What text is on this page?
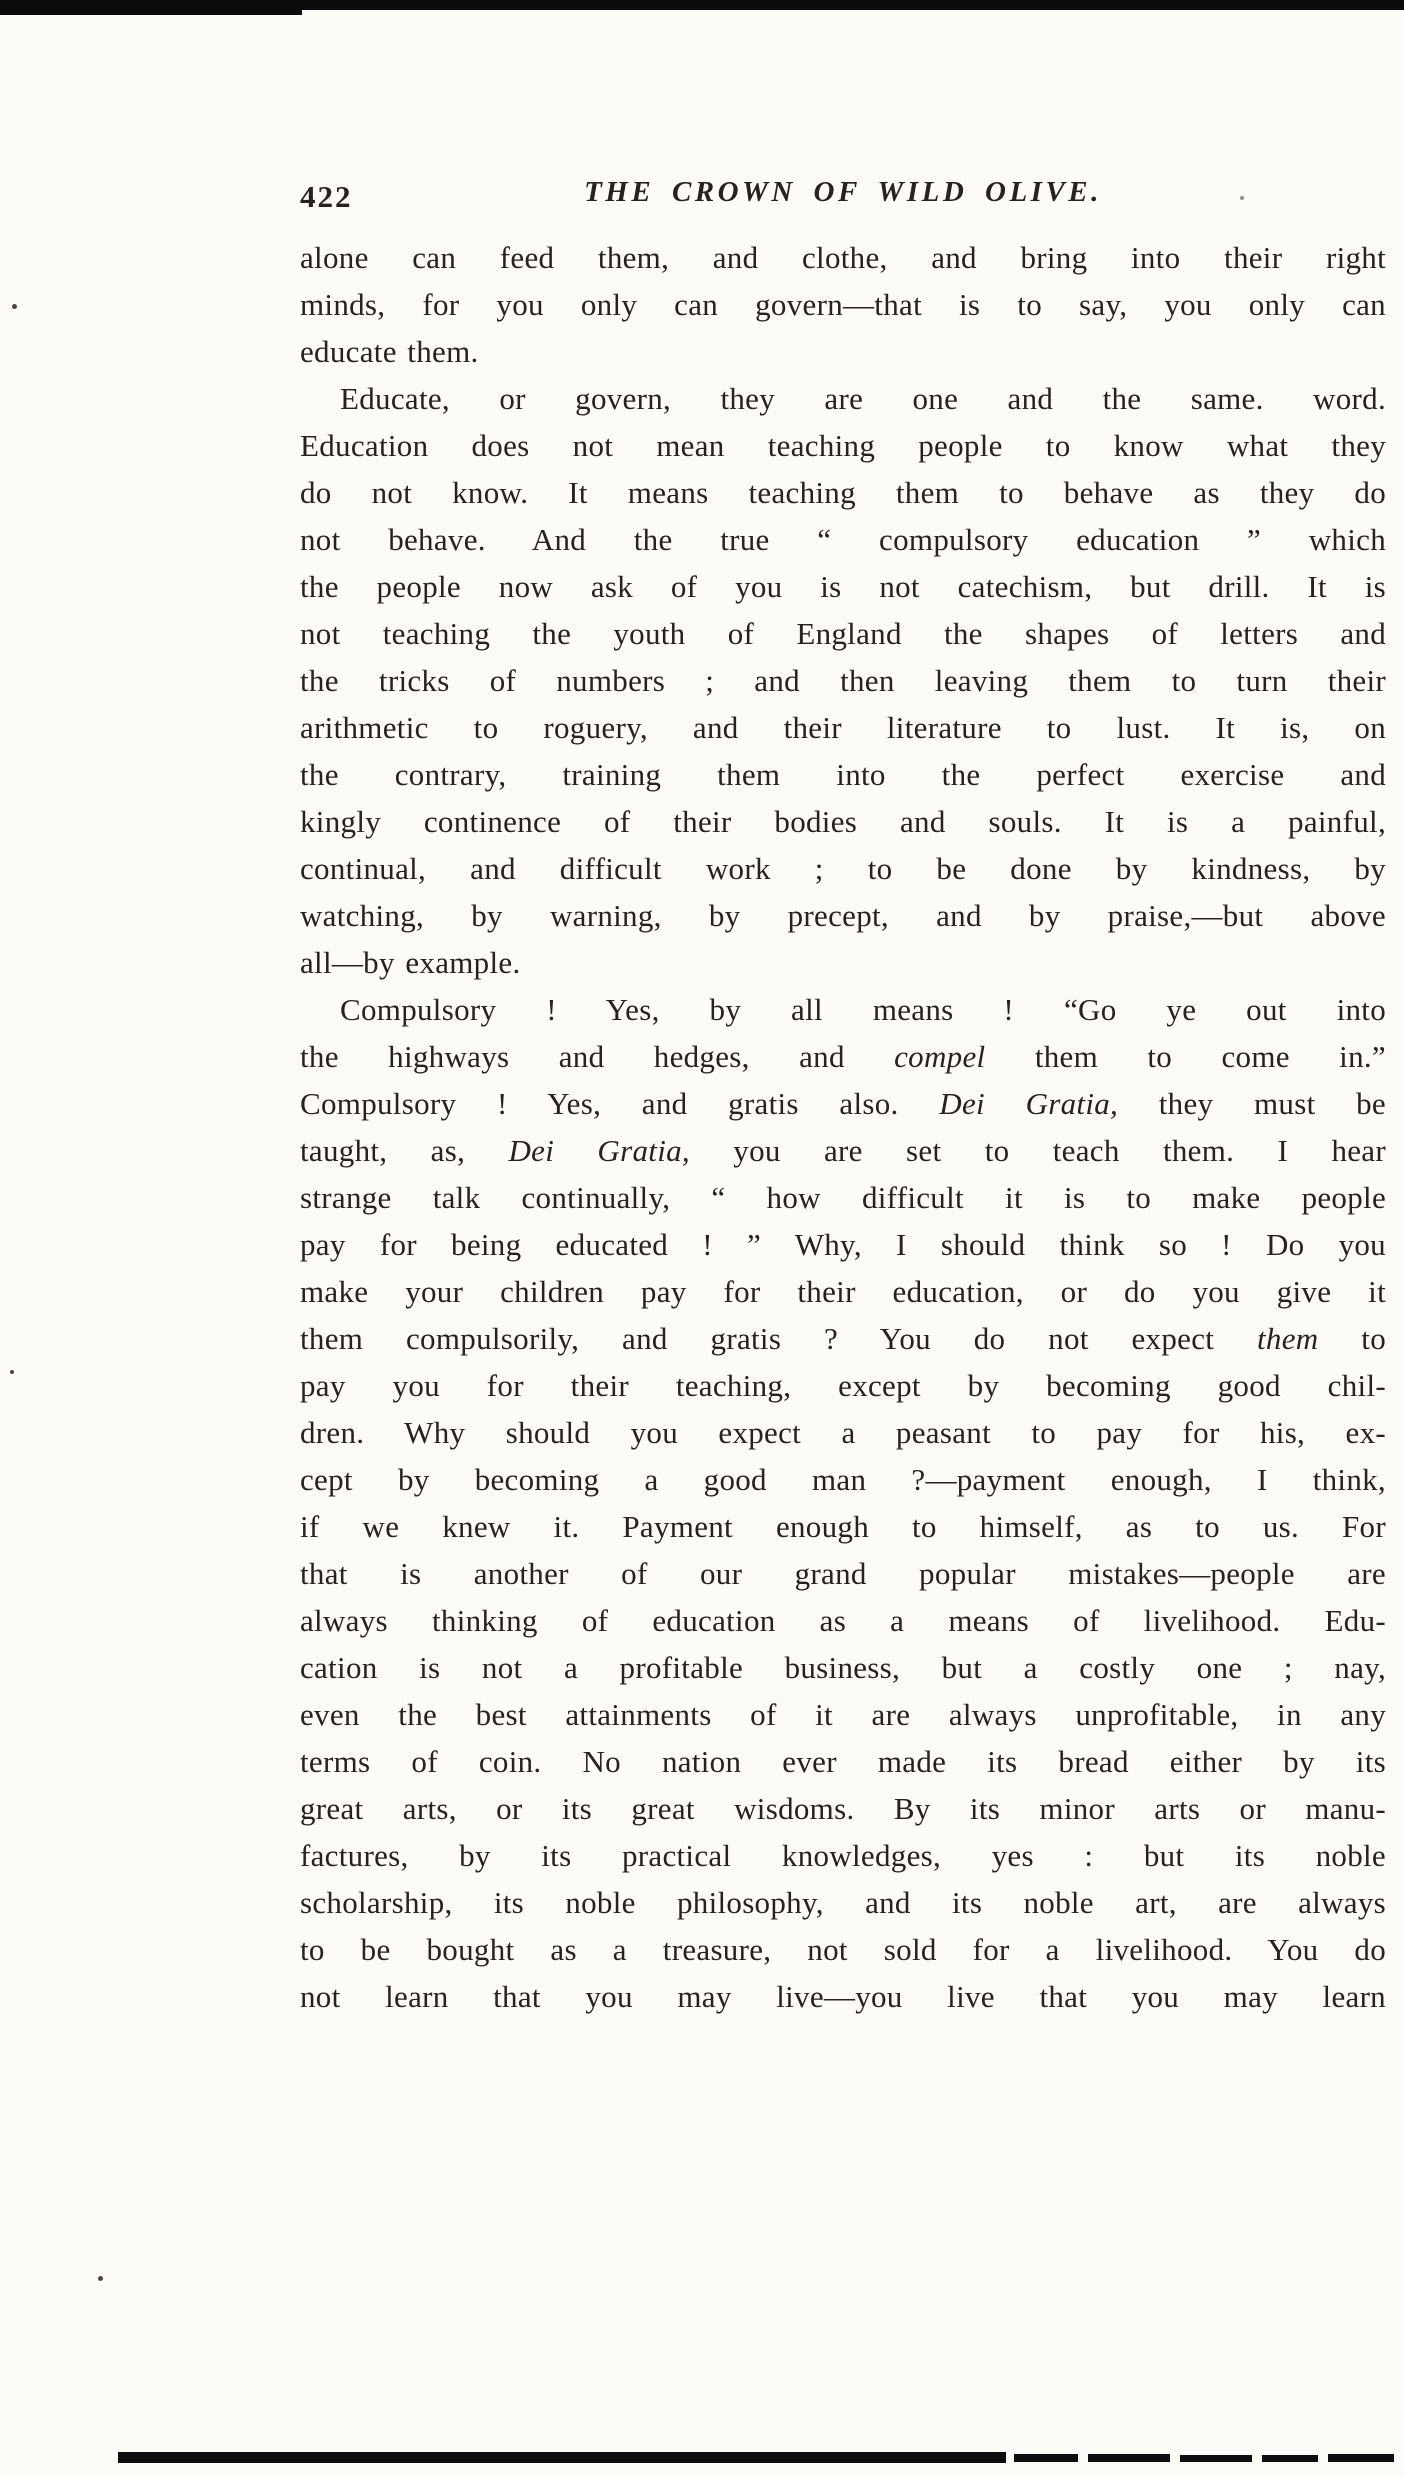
422	THE CROWN OF WILD OLIVE.
alone can feed them, and clothe, and bring into their right
minds, for you only can govern—that is to say, you only can
educate them.
Educate, or govern, they are one and the same. word.
Education does not mean teaching people to know what they
do not know. It means teaching them to behave as they do
not behave. And the true “ compulsory education ” which
the people now ask of you is not catechism, but drill. It is
not teaching the youth of England the shapes of letters and
the tricks of numbers ; and then leaving them to turn their
arithmetic to roguery, and their literature to lust. It is, on
the contrary, training them into the perfect exercise and
kingly continence of their bodies and souls. It is a painful,
continual, and difficult work ; to be done by kindness, by
watching, by warning, by precept, and by praise,—but above
all—by example.
Compulsory ! Yes, by all means ! “Go ye out into
the highways and hedges, and compel them to come in.”
Compulsory ! Yes, and gratis also. Dei Gratia, they must be
taught, as, Dei Gratia, you are set to teach them. I hear
strange talk continually, “ how difficult it is to make people
pay for being educated ! ” Why, I should think so ! Do you
make your children pay for their education, or do you give it
them compulsorily, and gratis ? You do not expect them to
pay you for their teaching, except by becoming good chil-
dren. Why should you expect a peasant to pay for his, ex-
cept by becoming a good man ?—payment enough, I think,
if we knew it. Payment enough to himself, as to us. For
that is another of our grand popular mistakes—people are
always thinking of education as a means of livelihood. Edu-
cation is not a profitable business, but a costly one ; nay,
even the best attainments of it are always unprofitable, in any
terms of coin. No nation ever made its bread either by its
great arts, or its great wisdoms. By its minor arts or manu-
factures, by its practical knowledges, yes : but its noble
scholarship, its noble philosophy, and its noble art, are always
to be bought as a treasure, not sold for a livelihood. You do
not learn that you may live—you live that you may learn
